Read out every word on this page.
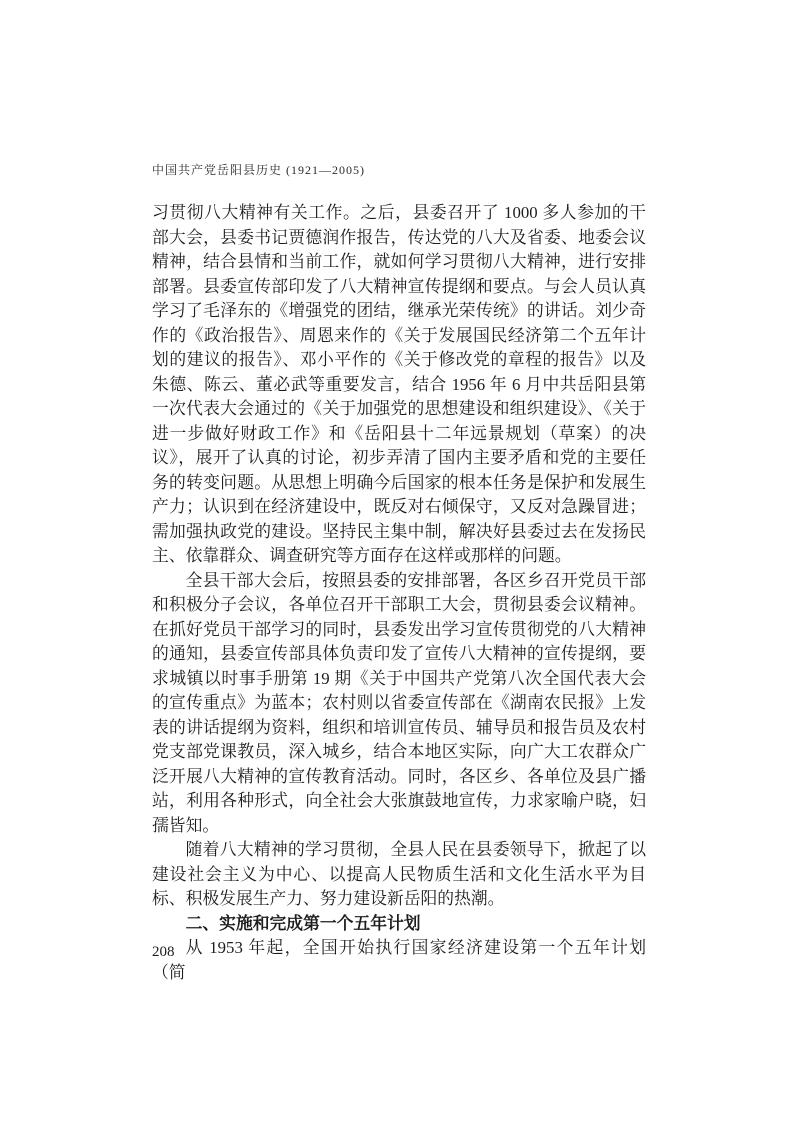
中国共产党岳阳县历史 (1921—2005)

习贯彻八大精神有关工作。之后，县委召开了 1000 多人参加的干部大会，县委书记贾德润作报告，传达党的八大及省委、地委会议精神，结合县情和当前工作，就如何学习贯彻八大精神，进行安排部署。县委宣传部印发了八大精神宣传提纲和要点。与会人员认真学习了毛泽东的《增强党的团结，继承光荣传统》的讲话。刘少奇作的《政治报告》、周恩来作的《关于发展国民经济第二个五年计划的建议的报告》、邓小平作的《关于修改党的章程的报告》以及朱德、陈云、董必武等重要发言，结合 1956 年 6 月中共岳阳县第一次代表大会通过的《关于加强党的思想建设和组织建设》、《关于进一步做好财政工作》和《岳阳县十二年远景规划（草案）的决议》，展开了认真的讨论，初步弄清了国内主要矛盾和党的主要任务的转变问题。从思想上明确今后国家的根本任务是保护和发展生产力；认识到在经济建设中，既反对右倾保守，又反对急躁冒进；需加强执政党的建设。坚持民主集中制，解决好县委过去在发扬民主、依靠群众、调查研究等方面存在这样或那样的问题。

全县干部大会后，按照县委的安排部署，各区乡召开党员干部和积极分子会议，各单位召开干部职工大会，贯彻县委会议精神。在抓好党员干部学习的同时，县委发出学习宣传贯彻党的八大精神的通知，县委宣传部具体负责印发了宣传八大精神的宣传提纲，要求城镇以时事手册第 19 期《关于中国共产党第八次全国代表大会的宣传重点》为蓝本；农村则以省委宣传部在《湖南农民报》上发表的讲话提纲为资料，组织和培训宣传员、辅导员和报告员及农村党支部党课教员，深入城乡，结合本地区实际，向广大工农群众广泛开展八大精神的宣传教育活动。同时，各区乡、各单位及县广播站，利用各种形式，向全社会大张旗鼓地宣传，力求家喻户晓，妇孺皆知。

随着八大精神的学习贯彻，全县人民在县委领导下，掀起了以建设社会主义为中心、以提高人民物质生活和文化生活水平为目标、积极发展生产力、努力建设新岳阳的热潮。

二、实施和完成第一个五年计划

从 1953 年起，全国开始执行国家经济建设第一个五年计划（简

208
